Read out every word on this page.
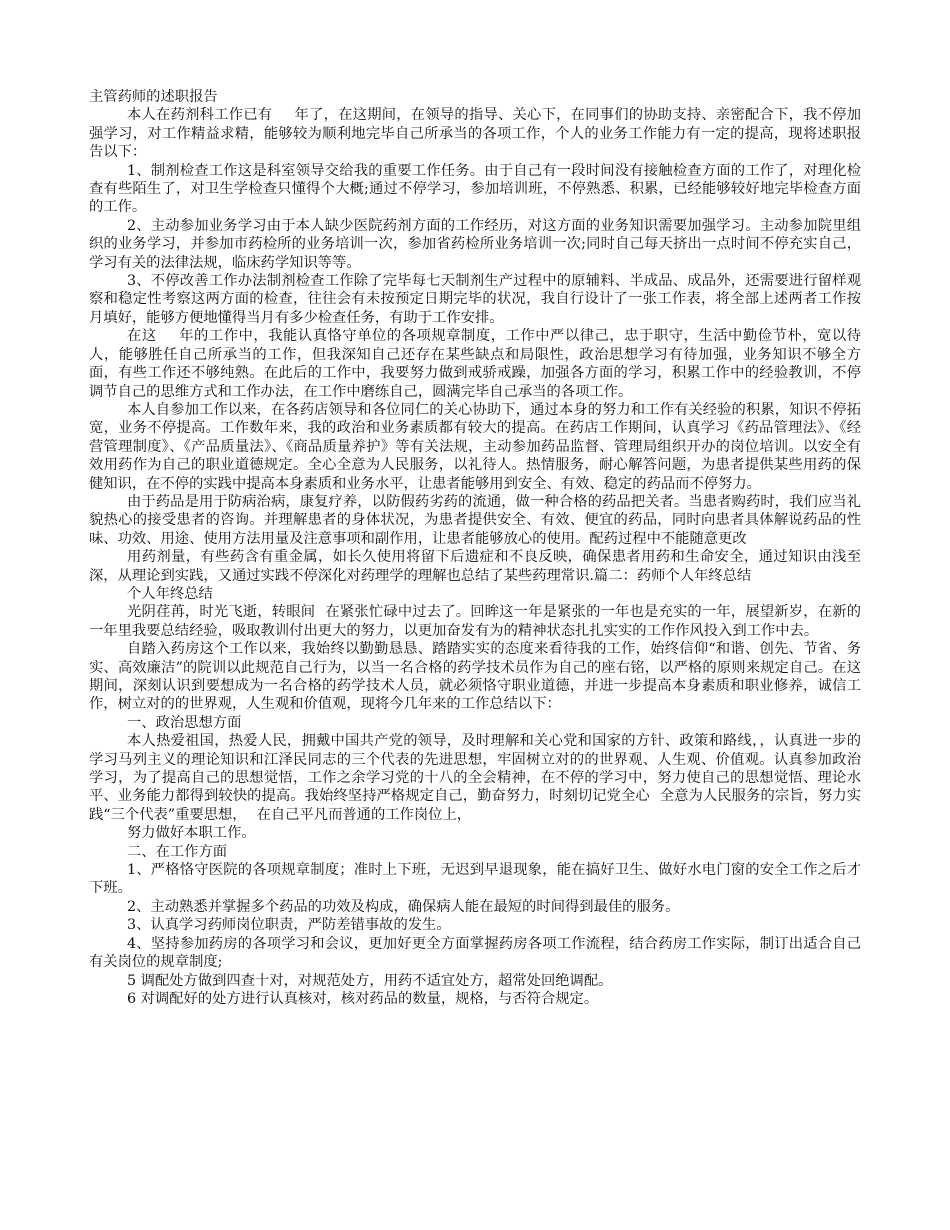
主管药师的述职报告

本人在药剂科工作已有 年了，在这期间，在领导的指导、关心下，在同事们的协助支持、亲密配合下，我不停加强学习，对工作精益求精，能够较为顺利地完毕自己所承当的各项工作，个人的业务工作能力有一定的提高，现将述职报告以下：

1、制剂检查工作这是科室领导交给我的重要工作任务。由于自己有一段时间没有接触检查方面的工作了，对理化检查有些陌生了，对卫生学检查只懂得个大概;通过不停学习，参加培训班，不停熟悉、积累，已经能够较好地完毕检查方面的工作。

2、主动参加业务学习由于本人缺少医院药剂方面的工作经历，对这方面的业务知识需要加强学习。主动参加院里组织的业务学习，并参加市药检所的业务培训一次，参加省药检所业务培训一次;同时自己每天挤出一点时间不停充实自己，学习有关的法律法规，临床药学知识等等。

3、不停改善工作办法制剂检查工作除了完毕每七天制剂生产过程中的原辅料、半成品、成品外，还需要进行留样观察和稳定性考察这两方面的检查，往往会有未按预定日期完毕的状况，我自行设计了一张工作表，将全部上述两者工作按月填好，能够方便地懂得当月有多少检查任务，有助于工作安排。

在这 年的工作中，我能认真恪守单位的各项规章制度，工作中严以律己，忠于职守，生活中勤俭节朴，宽以待人，能够胜任自己所承当的工作，但我深知自己还存在某些缺点和局限性，政治思想学习有待加强，业务知识不够全方面，有些工作还不够纯熟。在此后的工作中，我要努力做到戒骄戒躁，加强各方面的学习，积累工作中的经验教训，不停调节自己的思维方式和工作办法，在工作中磨练自己，圆满完毕自己承当的各项工作。

本人自参加工作以来，在各药店领导和各位同仁的关心协助下，通过本身的努力和工作有关经验的积累，知识不停拓宽，业务不停提高。工作数年来，我的政治和业务素质都有较大的提高。在药店工作期间，认真学习《药品管理法》、《经营管理制度》、《产品质量法》、《商品质量养护》等有关法规，主动参加药品监督、管理局组织开办的岗位培训。以安全有效用药作为自己的职业道德规定。全心全意为人民服务，以礼待人。热情服务，耐心解答问题，为患者提供某些用药的保健知识，在不停的实践中提高本身素质和业务水平，让患者能够用到安全、有效、稳定的药品而不停努力。

由于药品是用于防病治病，康复疗养，以防假药劣药的流通，做一种合格的药品把关者。当患者购药时，我们应当礼貌热心的接受患者的咨询。并理解患者的身体状况，为患者提供安全、有效、便宜的药品，同时向患者具体解说药品的性味、功效、用途、使用方法用量及注意事项和副作用，让患者能够放心的使用。配药过程中不能随意更改

用药剂量，有些药含有重金属，如长久使用将留下后遗症和不良反映，确保患者用药和生命安全，通过知识由浅至深，从理论到实践，又通过实践不停深化对药理学的理解也总结了某些药理常识.篇二：药师个人年终总结

个人年终总结

光阴荏苒，时光飞逝，转眼间 在紧张忙碌中过去了。回眸这一年是紧张的一年也是充实的一年，展望新岁，在新的一年里我要总结经验，吸取教训付出更大的努力，以更加奋发有为的精神状态扎扎实实的工作作风投入到工作中去。

自踏入药房这个工作以来，我始终以勤勤恳恳、踏踏实实的态度来看待我的工作，始终信仰“和谐、创先、节省、务实、高效廉洁”的院训以此规范自己行为，以当一名合格的药学技术员作为自己的座右铭，以严格的原则来规定自己。在这期间，深刻认识到要想成为一名合格的药学技术人员，就必须恪守职业道德，并进一步提高本身素质和职业修养，诚信工作，树立对的的世界观，人生观和价值观，现将今几年来的工作总结以下：

一、政治思想方面

本人热爱祖国，热爱人民，拥戴中国共产党的领导，及时理解和关心党和国家的方针、政策和路线，，认真进一步的学习马列主义的理论知识和江泽民同志的三个代表的先进思想，牢固树立对的的世界观、人生观、价值观。认真参加政治学习，为了提高自己的思想觉悟，工作之余学习党的十八的全会精神，在不停的学习中，努力使自己的思想觉悟、理论水平、业务能力都得到较快的提高。我始终坚持严格规定自己，勤奋努力，时刻切记党全心 全意为人民服务的宗旨，努力实践“三个代表”重要思想， 在自己平凡而普通的工作岗位上，

努力做好本职工作。

二、在工作方面

1、严格恪守医院的各项规章制度；准时上下班，无迟到早退现象，能在搞好卫生、做好水电门窗的安全工作之后才下班。

2、主动熟悉并掌握多个药品的功效及构成，确保病人能在最短的时间得到最佳的服务。

3、认真学习药师岗位职责，严防差错事故的发生。

4、坚持参加药房的各项学习和会议，更加好更全方面掌握药房各项工作流程，结合药房工作实际，制订出适合自己有关岗位的规章制度;

5 调配处方做到四查十对，对规范处方，用药不适宜处方，超常处回绝调配。

6 对调配好的处方进行认真核对，核对药品的数量，规格，与否符合规定。
